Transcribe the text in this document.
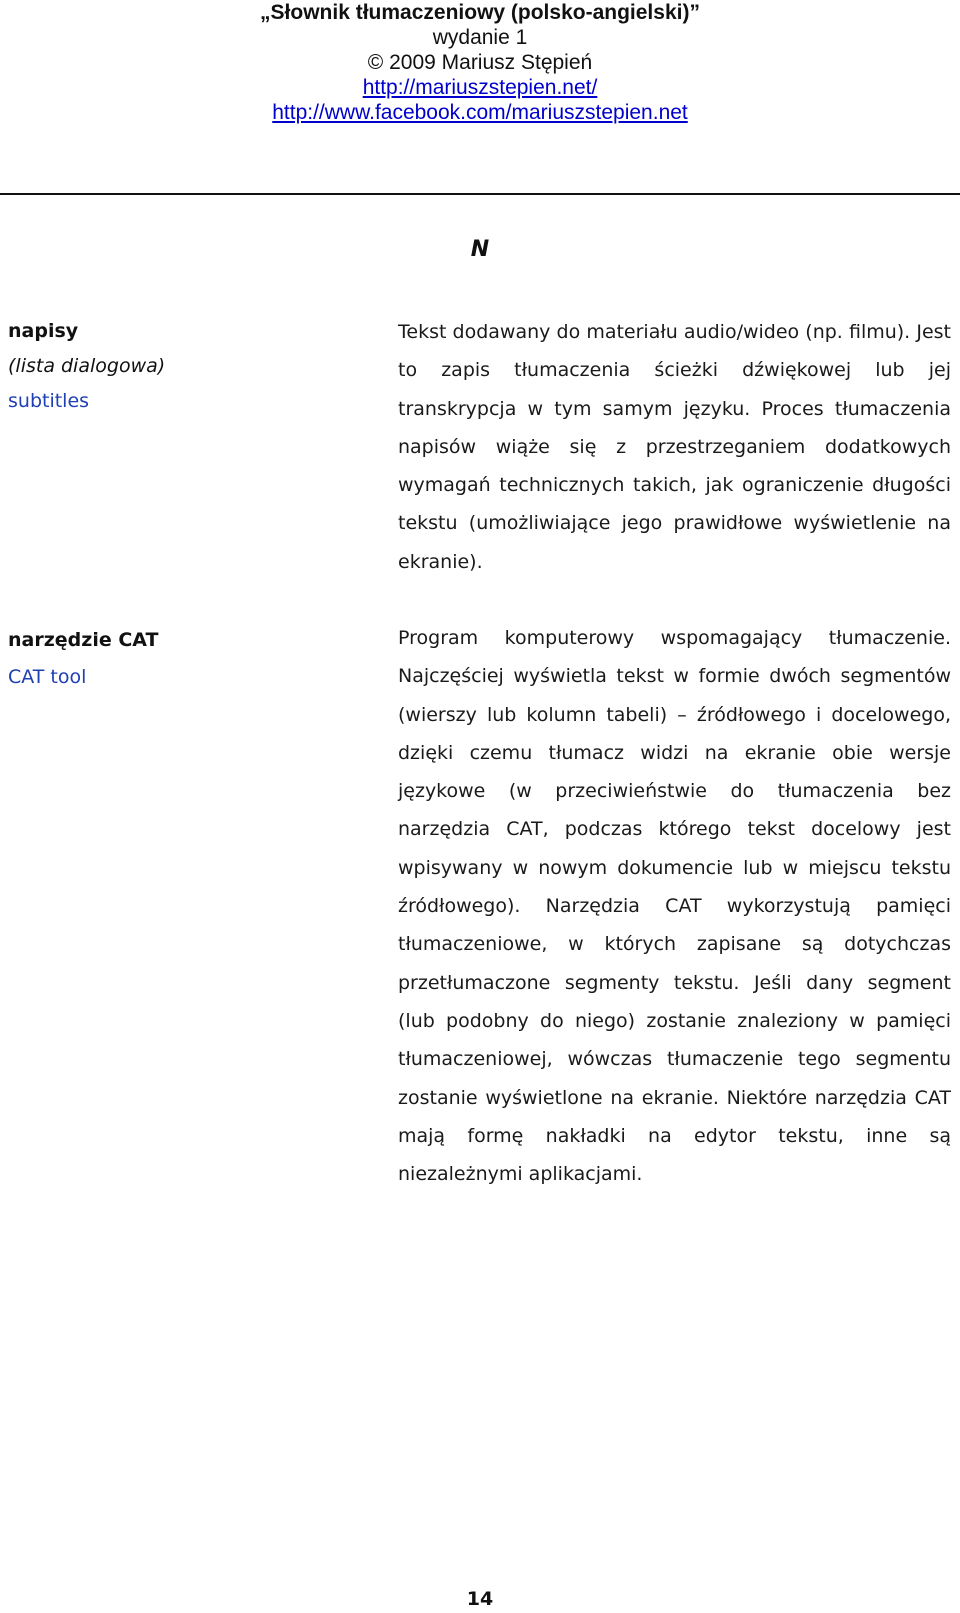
„Słownik tłumaczeniowy (polsko-angielski)”
wydanie 1
© 2009 Mariusz Stępień
http://mariuszstepien.net/
http://www.facebook.com/mariuszstepien.net
N
napisy
(lista dialogowa)
subtitles
Tekst dodawany do materiału audio/wideo (np. filmu). Jest to zapis tłumaczenia ścieżki dźwiękowej lub jej transkrypcja w tym samym języku. Proces tłumaczenia napisów wiąże się z przestrzeganiem dodatkowych wymagań technicznych takich, jak ograniczenie długości tekstu (umożliwiające jego prawidłowe wyświetlenie na ekranie).
narzędzie CAT
CAT tool
Program komputerowy wspomagający tłumaczenie. Najczęściej wyświetla tekst w formie dwóch segmentów (wierszy lub kolumn tabeli) – źródłowego i docelowego, dzięki czemu tłumacz widzi na ekranie obie wersje językowe (w przeciwieństwie do tłumaczenia bez narzędzia CAT, podczas którego tekst docelowy jest wpisywany w nowym dokumencie lub w miejscu tekstu źródłowego). Narzędzia CAT wykorzystują pamięci tłumaczeniowe, w których zapisane są dotychczas przetłumaczone segmenty tekstu. Jeśli dany segment (lub podobny do niego) zostanie znaleziony w pamięci tłumaczeniowej, wówczas tłumaczenie tego segmentu zostanie wyświetlone na ekranie. Niektóre narzędzia CAT mają formę nakładki na edytor tekstu, inne są niezależnymi aplikacjami.
14
